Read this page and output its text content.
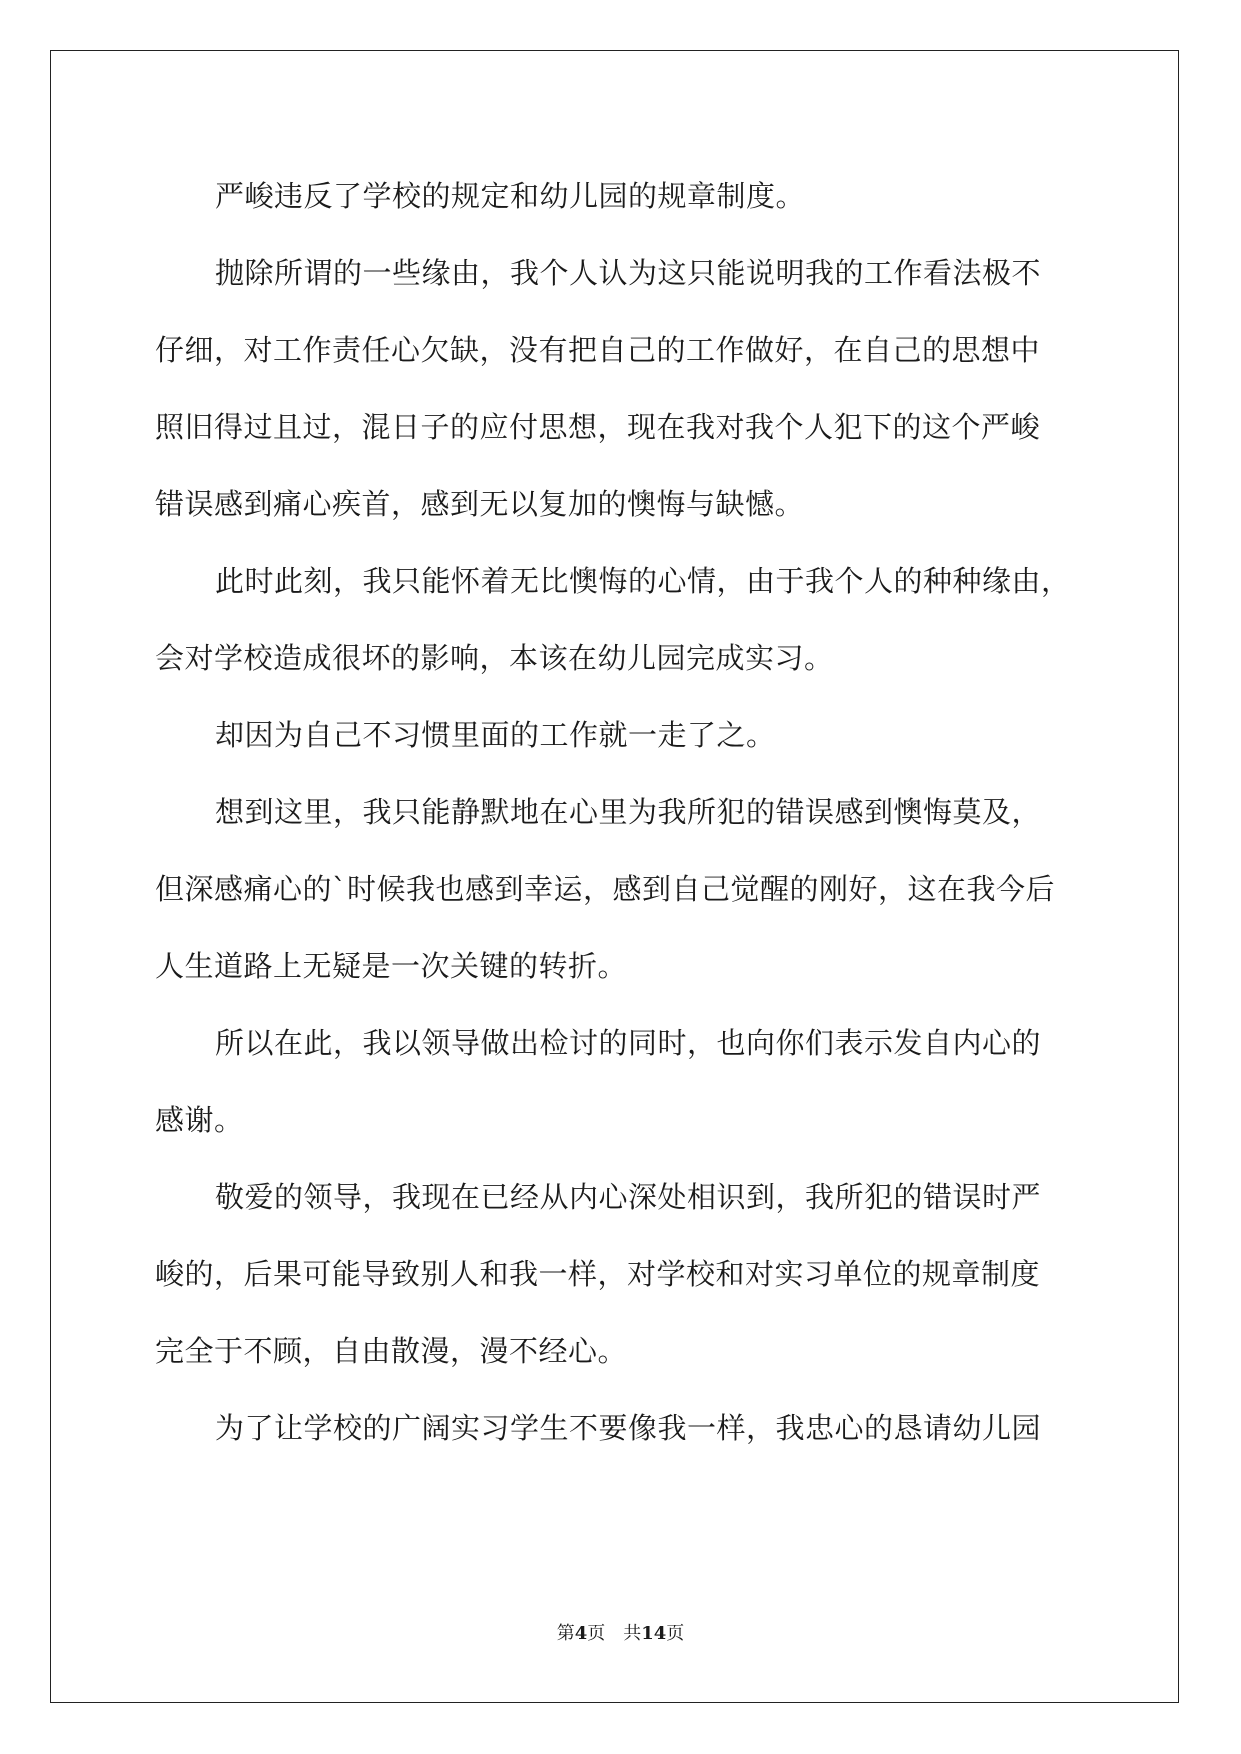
严峻违反了学校的规定和幼儿园的规章制度。
抛除所谓的一些缘由，我个人认为这只能说明我的工作看法极不
仔细，对工作责任心欠缺，没有把自己的工作做好，在自己的思想中
照旧得过且过，混日子的应付思想，现在我对我个人犯下的这个严峻
错误感到痛心疾首，感到无以复加的懊悔与缺憾。
此时此刻，我只能怀着无比懊悔的心情，由于我个人的种种缘由，
会对学校造成很坏的影响，本该在幼儿园完成实习。
却因为自己不习惯里面的工作就一走了之。
想到这里，我只能静默地在心里为我所犯的错误感到懊悔莫及，
但深感痛心的`时候我也感到幸运，感到自己觉醒的刚好，这在我今后
人生道路上无疑是一次关键的转折。
所以在此，我以领导做出检讨的同时，也向你们表示发自内心的
感谢。
敬爱的领导，我现在已经从内心深处相识到，我所犯的错误时严
峻的，后果可能导致别人和我一样，对学校和对实习单位的规章制度
完全于不顾，自由散漫，漫不经心。
为了让学校的广阔实习学生不要像我一样，我忠心的恳请幼儿园
第4页 共14页
